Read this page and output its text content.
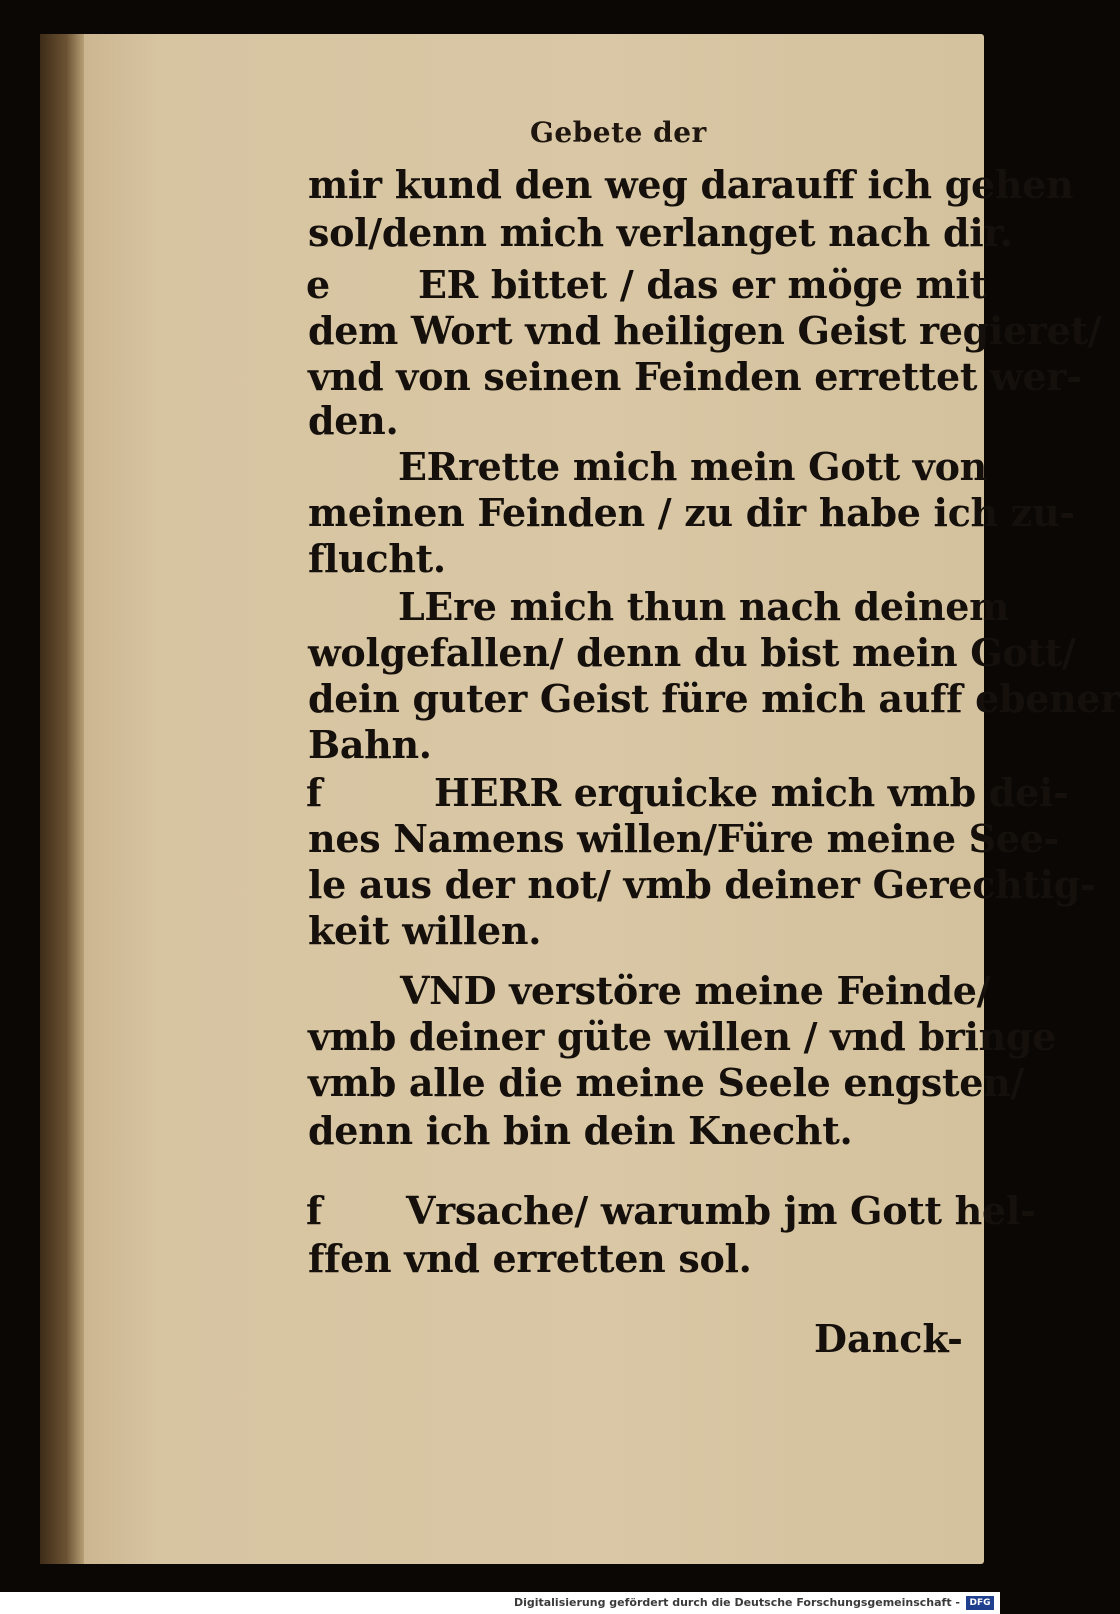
Gebete der
mir kund den weg darauff ich gehen
sol/denn mich verlanget nach dir.
e ER bittet / das er möge mit
dem Wort vnd heiligen Geist regieret/
vnd von seinen Feinden errettet wer-
den.
ERrette mich mein Gott von
meinen Feinden / zu dir habe ich zu-
flucht.
LEre mich thun nach deinem
wolgefallen/ denn du bist mein Gott/
dein guter Geist füre mich auff ebener
Bahn.
f	HERR erquicke mich vmb dei-
nes Namens willen/Füre meine See-
le aus der not/ vmb deiner Gerechtig-
keit willen.
VND verstöre meine Feinde/
vmb deiner güte willen / vnd bringe
vmb alle die meine Seele engsten/
denn ich bin dein Knecht.
f Vrsache/ warumb jm Gott hel-
ffen vnd erretten sol.
Danck-
Digitalisierung gefördert durch die Deutsche Forschungsgemeinschaft -	DFG
